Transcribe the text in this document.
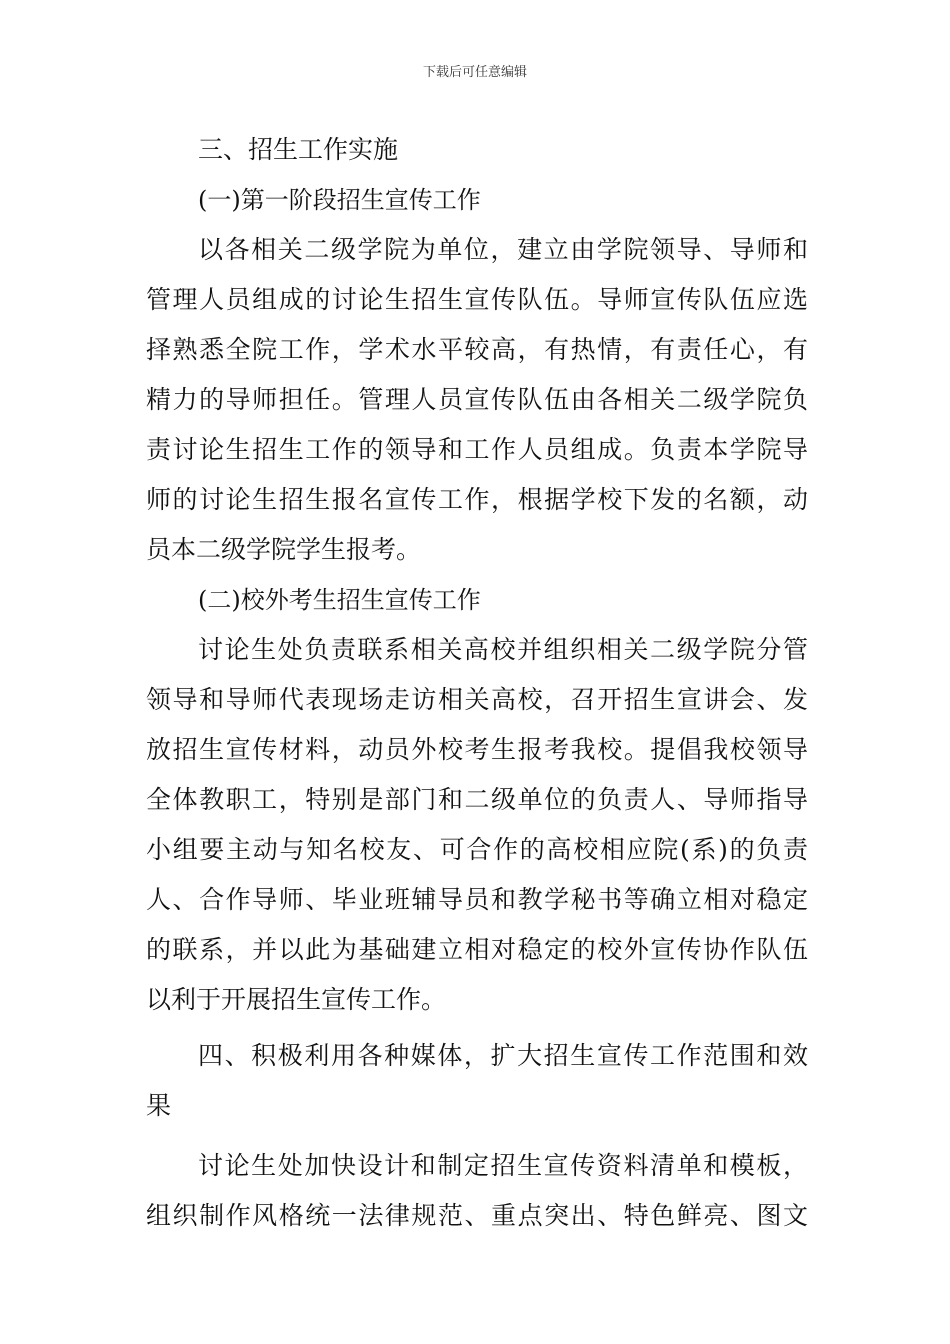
下载后可任意编辑
三、招生工作实施
(一)第一阶段招生宣传工作
以各相关二级学院为单位，建立由学院领导、导师和
管理人员组成的讨论生招生宣传队伍。导师宣传队伍应选
择熟悉全院工作，学术水平较高，有热情，有责任心，有
精力的导师担任。管理人员宣传队伍由各相关二级学院负
责讨论生招生工作的领导和工作人员组成。负责本学院导
师的讨论生招生报名宣传工作，根据学校下发的名额，动
员本二级学院学生报考。
(二)校外考生招生宣传工作
讨论生处负责联系相关高校并组织相关二级学院分管
领导和导师代表现场走访相关高校，召开招生宣讲会、发
放招生宣传材料，动员外校考生报考我校。提倡我校领导
全体教职工，特别是部门和二级单位的负责人、导师指导
小组要主动与知名校友、可合作的高校相应院(系)的负责
人、合作导师、毕业班辅导员和教学秘书等确立相对稳定
的联系，并以此为基础建立相对稳定的校外宣传协作队伍
以利于开展招生宣传工作。
四、积极利用各种媒体，扩大招生宣传工作范围和效
果
讨论生处加快设计和制定招生宣传资料清单和模板，
组织制作风格统一法律规范、重点突出、特色鲜亮、图文
